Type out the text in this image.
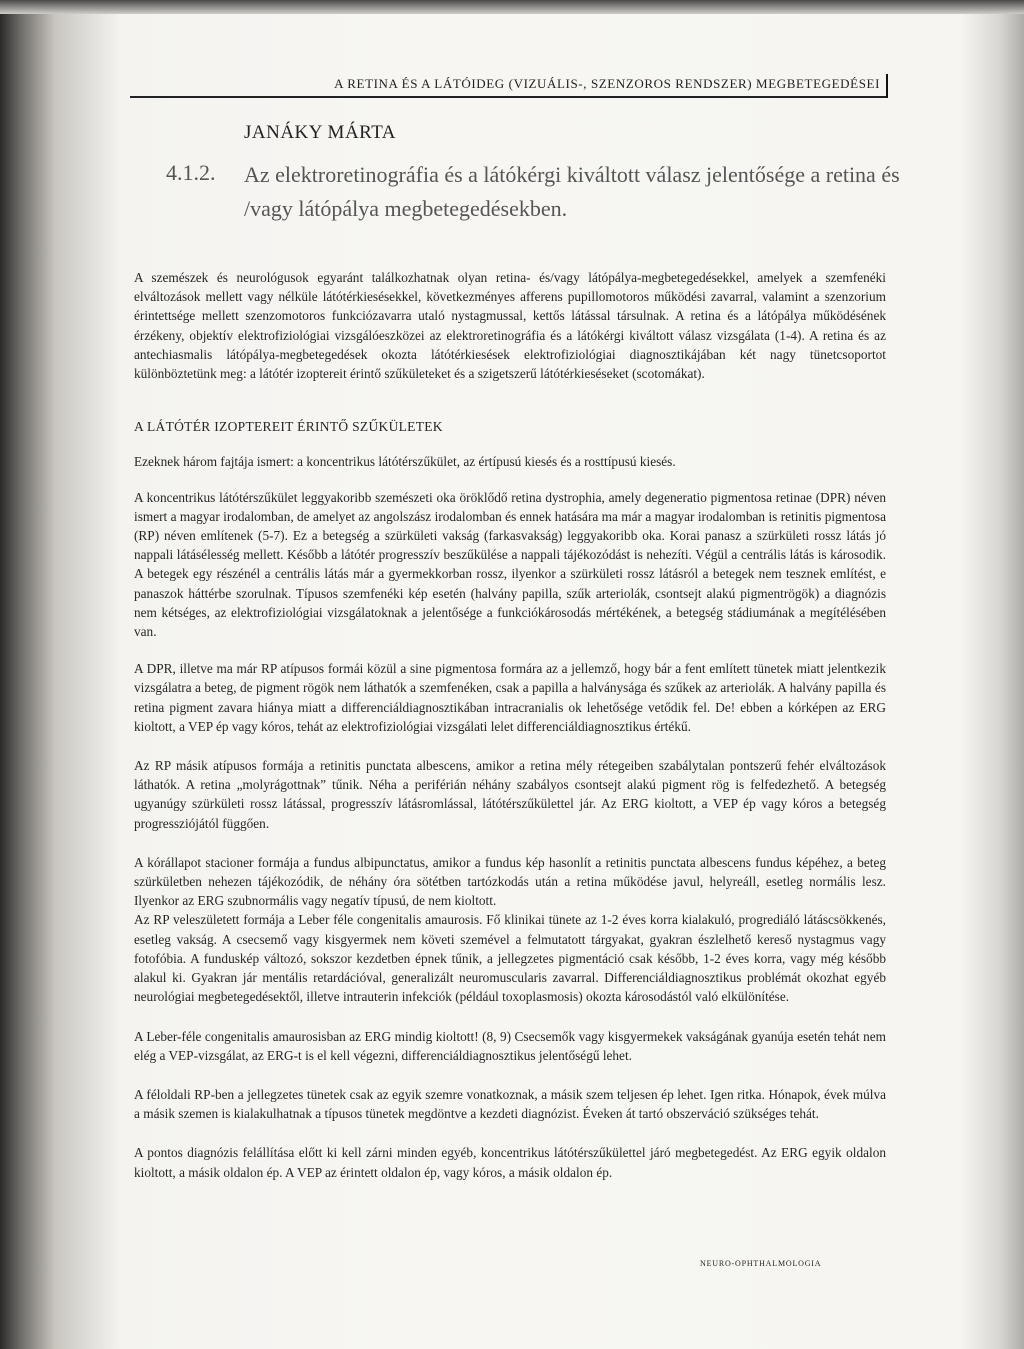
A RETINA ÉS A LÁTÓIDEG (VIZUÁLIS-, SZENZOROS RENDSZER) MEGBETEGEDÉSEI
JANÁKY MÁRTA
4.1.2. Az elektroretinográfia és a látókérgi kiváltott válasz jelentősége a retina és /vagy látópálya megbetegedésekben.

A szemészek és neurológusok egyaránt találkozhatnak olyan retina- és/vagy látópálya-megbetegedésekkel, amelyek a szemfenéki elváltozások mellett vagy nélküle látótérkiesésekkel, következményes afferens pupillomotoros működési zavarral, valamint a szenzorium érintettsége mellett szenzomotoros funkciózavarra utaló nystagmussal, kettős látással társulnak. A retina és a látópálya működésének érzékeny, objektív elektrofiziológiai vizsgálóeszközei az elektroretinográfia és a látókérgi kiváltott válasz vizsgálata (1-4). A retina és az antechiasmalis látópálya-megbetegedések okozta látótérkiesések elektrofiziológiai diagnosztikájában két nagy tünetcsoportot különböztetünk meg: a látótér izoptereit érintő szűkületeket és a szigetszerű látótérkieséseket (scotomákat).

A LÁTÓTÉR IZOPTEREIT ÉRINTŐ SZŰKÜLETEK

Ezeknek három fajtája ismert: a koncentrikus látótérszűkület, az értípusú kiesés és a rosttípusú kiesés.

A koncentrikus látótérszűkület leggyakoribb szemészeti oka öröklődő retina dystrophia, amely degeneratio pigmentosa retinae (DPR) néven ismert a magyar irodalomban, de amelyet az angolszász irodalomban és ennek hatására ma már a magyar irodalomban is retinitis pigmentosa (RP) néven említenek (5-7). Ez a betegség a szürkületi vakság (farkasvakság) leggyakoribb oka. Korai panasz a szürkületi rossz látás jó nappali látásélesség mellett. Később a látótér progresszív beszűkülése a nappali tájékozódást is nehezíti. Végül a centrális látás is károsodik. A betegek egy részénél a centrális látás már a gyermekkorban rossz, ilyenkor a szürkületi rossz látásról a betegek nem tesznek említést, e panaszok háttérbe szorulnak. Típusos szemfenéki kép esetén (halvány papilla, szűk arteriolák, csontsejt alakú pigmentrögök) a diagnózis nem kétséges, az elektrofiziológiai vizsgálatoknak a jelentősége a funkciókárosodás mértékének, a betegség stádiumának a megítélésében van.

A DPR, illetve ma már RP atípusos formái közül a sine pigmentosa formára az a jellemző, hogy bár a fent említett tünetek miatt jelentkezik vizsgálatra a beteg, de pigment rögök nem láthatók a szemfenéken, csak a papilla a halványsága és szűkek az arteriolák. A halvány papilla és retina pigment zavara hiánya miatt a differenciáldiagnosztikában intracranialis ok lehetősége vetődik fel. De! ebben a kórképen az ERG kioltott, a VEP ép vagy kóros, tehát az elektrofiziológiai vizsgálati lelet differenciáldiagnosztikus értékű.

Az RP másik atípusos formája a retinitis punctata albescens, amikor a retina mély rétegeiben szabálytalan pontszerű fehér elváltozások láthatók. A retina „molyrágottnak” tűnik. Néha a periférián néhány szabályos csontsejt alakú pigment rög is felfedezhető. A betegség ugyanúgy szürkületi rossz látással, progresszív látásromlással, látótérszűkülettel jár. Az ERG kioltott, a VEP ép vagy kóros a betegség progressziójától függően.

A kórállapot stacioner formája a fundus albipunctatus, amikor a fundus kép hasonlít a retinitis punctata albescens fundus képéhez, a beteg szürkületben nehezen tájékozódik, de néhány óra sötétben tartózkodás után a retina működése javul, helyreáll, esetleg normális lesz. Ilyenkor az ERG szubnormális vagy negatív típusú, de nem kioltott.

Az RP veleszületett formája a Leber féle congenitalis amaurosis. Fő klinikai tünete az 1-2 éves korra kialakuló, progrediáló látáscsökkenés, esetleg vakság. A csecsemő vagy kisgyermek nem követi szemével a felmutatott tárgyakat, gyakran észlelhető kereső nystagmus vagy fotofóbia. A funduskép változó, sokszor kezdetben épnek tűnik, a jellegzetes pigmentáció csak később, 1-2 éves korra, vagy még később alakul ki. Gyakran jár mentális retardációval, generalizált neuromuscularis zavarral. Differenciáldiagnosztikus problémát okozhat egyéb neurológiai megbetegedésektől, illetve intrauterin infekciók (például toxoplasmosis) okozta károsodástól való elkülönítése.

A Leber-féle congenitalis amaurosisban az ERG mindig kioltott! (8, 9) Csecsemők vagy kisgyermekek vakságának gyanúja esetén tehát nem elég a VEP-vizsgálat, az ERG-t is el kell végezni, differenciáldiagnosztikus jelentőségű lehet.

A féloldali RP-ben a jellegzetes tünetek csak az egyik szemre vonatkoznak, a másik szem teljesen ép lehet. Igen ritka. Hónapok, évek múlva a másik szemen is kialakulhatnak a típusos tünetek megdöntve a kezdeti diagnózist. Éveken át tartó obszerváció szükséges tehát.

A pontos diagnózis felállítása előtt ki kell zárni minden egyéb, koncentrikus látótérszűkülettel járó megbetegedést. Az ERG egyik oldalon kioltott, a másik oldalon ép. A VEP az érintett oldalon ép, vagy kóros, a másik oldalon ép.

NEURO-OPHTHALMOLOGIA
